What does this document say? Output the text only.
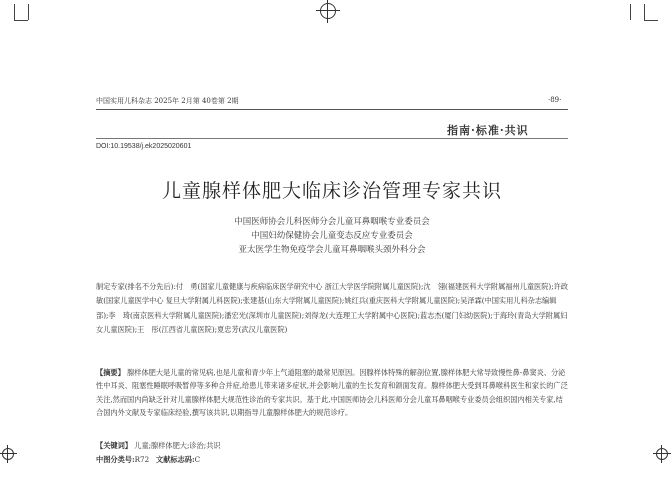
中国实用儿科杂志 2025年 2月第 40卷第 2期	·89·
指南·标准·共识
DOI:10.19538/j.ek2025020601
儿童腺样体肥大临床诊治管理专家共识
中国医师协会儿科医师分会儿童耳鼻咽喉专业委员会
中国妇幼保健协会儿童变态反应专业委员会
亚太医学生物免疫学会儿童耳鼻咽喉头颈外科分会
制定专家(排名不分先后):付　勇(国家儿童健康与疾病临床医学研究中心 浙江大学医学院附属儿童医院);沈　翎(福建医科大学附属福州儿童医院);许政敏(国家儿童医学中心 复旦大学附属儿科医院);张建基(山东大学附属儿童医院);姚红兵(重庆医科大学附属儿童医院);吴泽霖(中国实用儿科杂志编辑部);李　琦(南京医科大学附属儿童医院);潘宏光(深圳市儿童医院);刘得龙(大连理工大学附属中心医院);蓝志杰(厦门妇幼医院);于海玲(青岛大学附属妇女儿童医院);王　彤(江西省儿童医院);夏忠芳(武汉儿童医院)
【摘要】 腺样体肥大是儿童的常见病,也是儿童和青少年上气道阻塞的最常见原因。因腺样体特殊的解剖位置,腺样体肥大常导致慢性鼻-鼻窦炎、分泌性中耳炎、阻塞性睡眠呼吸暂停等多种合并症,给患儿带来诸多症状,并会影响儿童的生长发育和颌面发育。腺样体肥大受到耳鼻喉科医生和家长的广泛关注,然而国内尚缺乏针对儿童腺样体肥大规范性诊治的专家共识。基于此,中国医师协会儿科医师分会儿童耳鼻咽喉专业委员会组织国内相关专家,结合国内外文献及专家临床经验,撰写该共识,以期指导儿童腺样体肥大的规范诊疗。
【关键词】 儿童;腺样体肥大;诊治;共识
中图分类号:R72 文献标志码:C
